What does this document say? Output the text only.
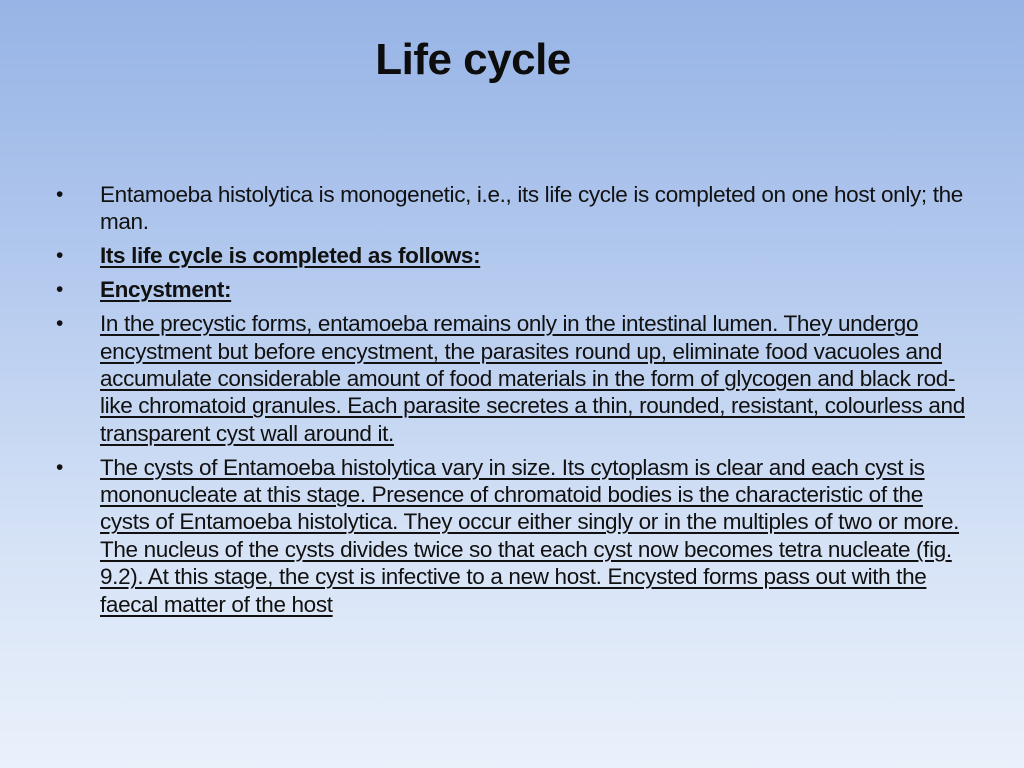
Life cycle
•	Entamoeba histolytica is monogenetic, i.e., its life cycle is completed on one host only; the man.
•	Its life cycle is completed as follows:
•	Encystment:
•	In the precystic forms, entamoeba remains only in the intestinal lumen. They undergo encystment but before encystment, the parasites round up, eliminate food vacuoles and accumulate considerable amount of food materials in the form of glycogen and black rod-like chromatoid granules. Each parasite secretes a thin, rounded, resistant, colourless and transparent cyst wall around it.
•	The cysts of Entamoeba histolytica vary in size. Its cytoplasm is clear and each cyst is mononucleate at this stage. Presence of chromatoid bodies is the characteristic of the cysts of Entamoeba histolytica. They occur either singly or in the multiples of two or more. The nucleus of the cysts divides twice so that each cyst now becomes tetra nucleate (fig. 9.2). At this stage, the cyst is infective to a new host. Encysted forms pass out with the faecal matter of the host
